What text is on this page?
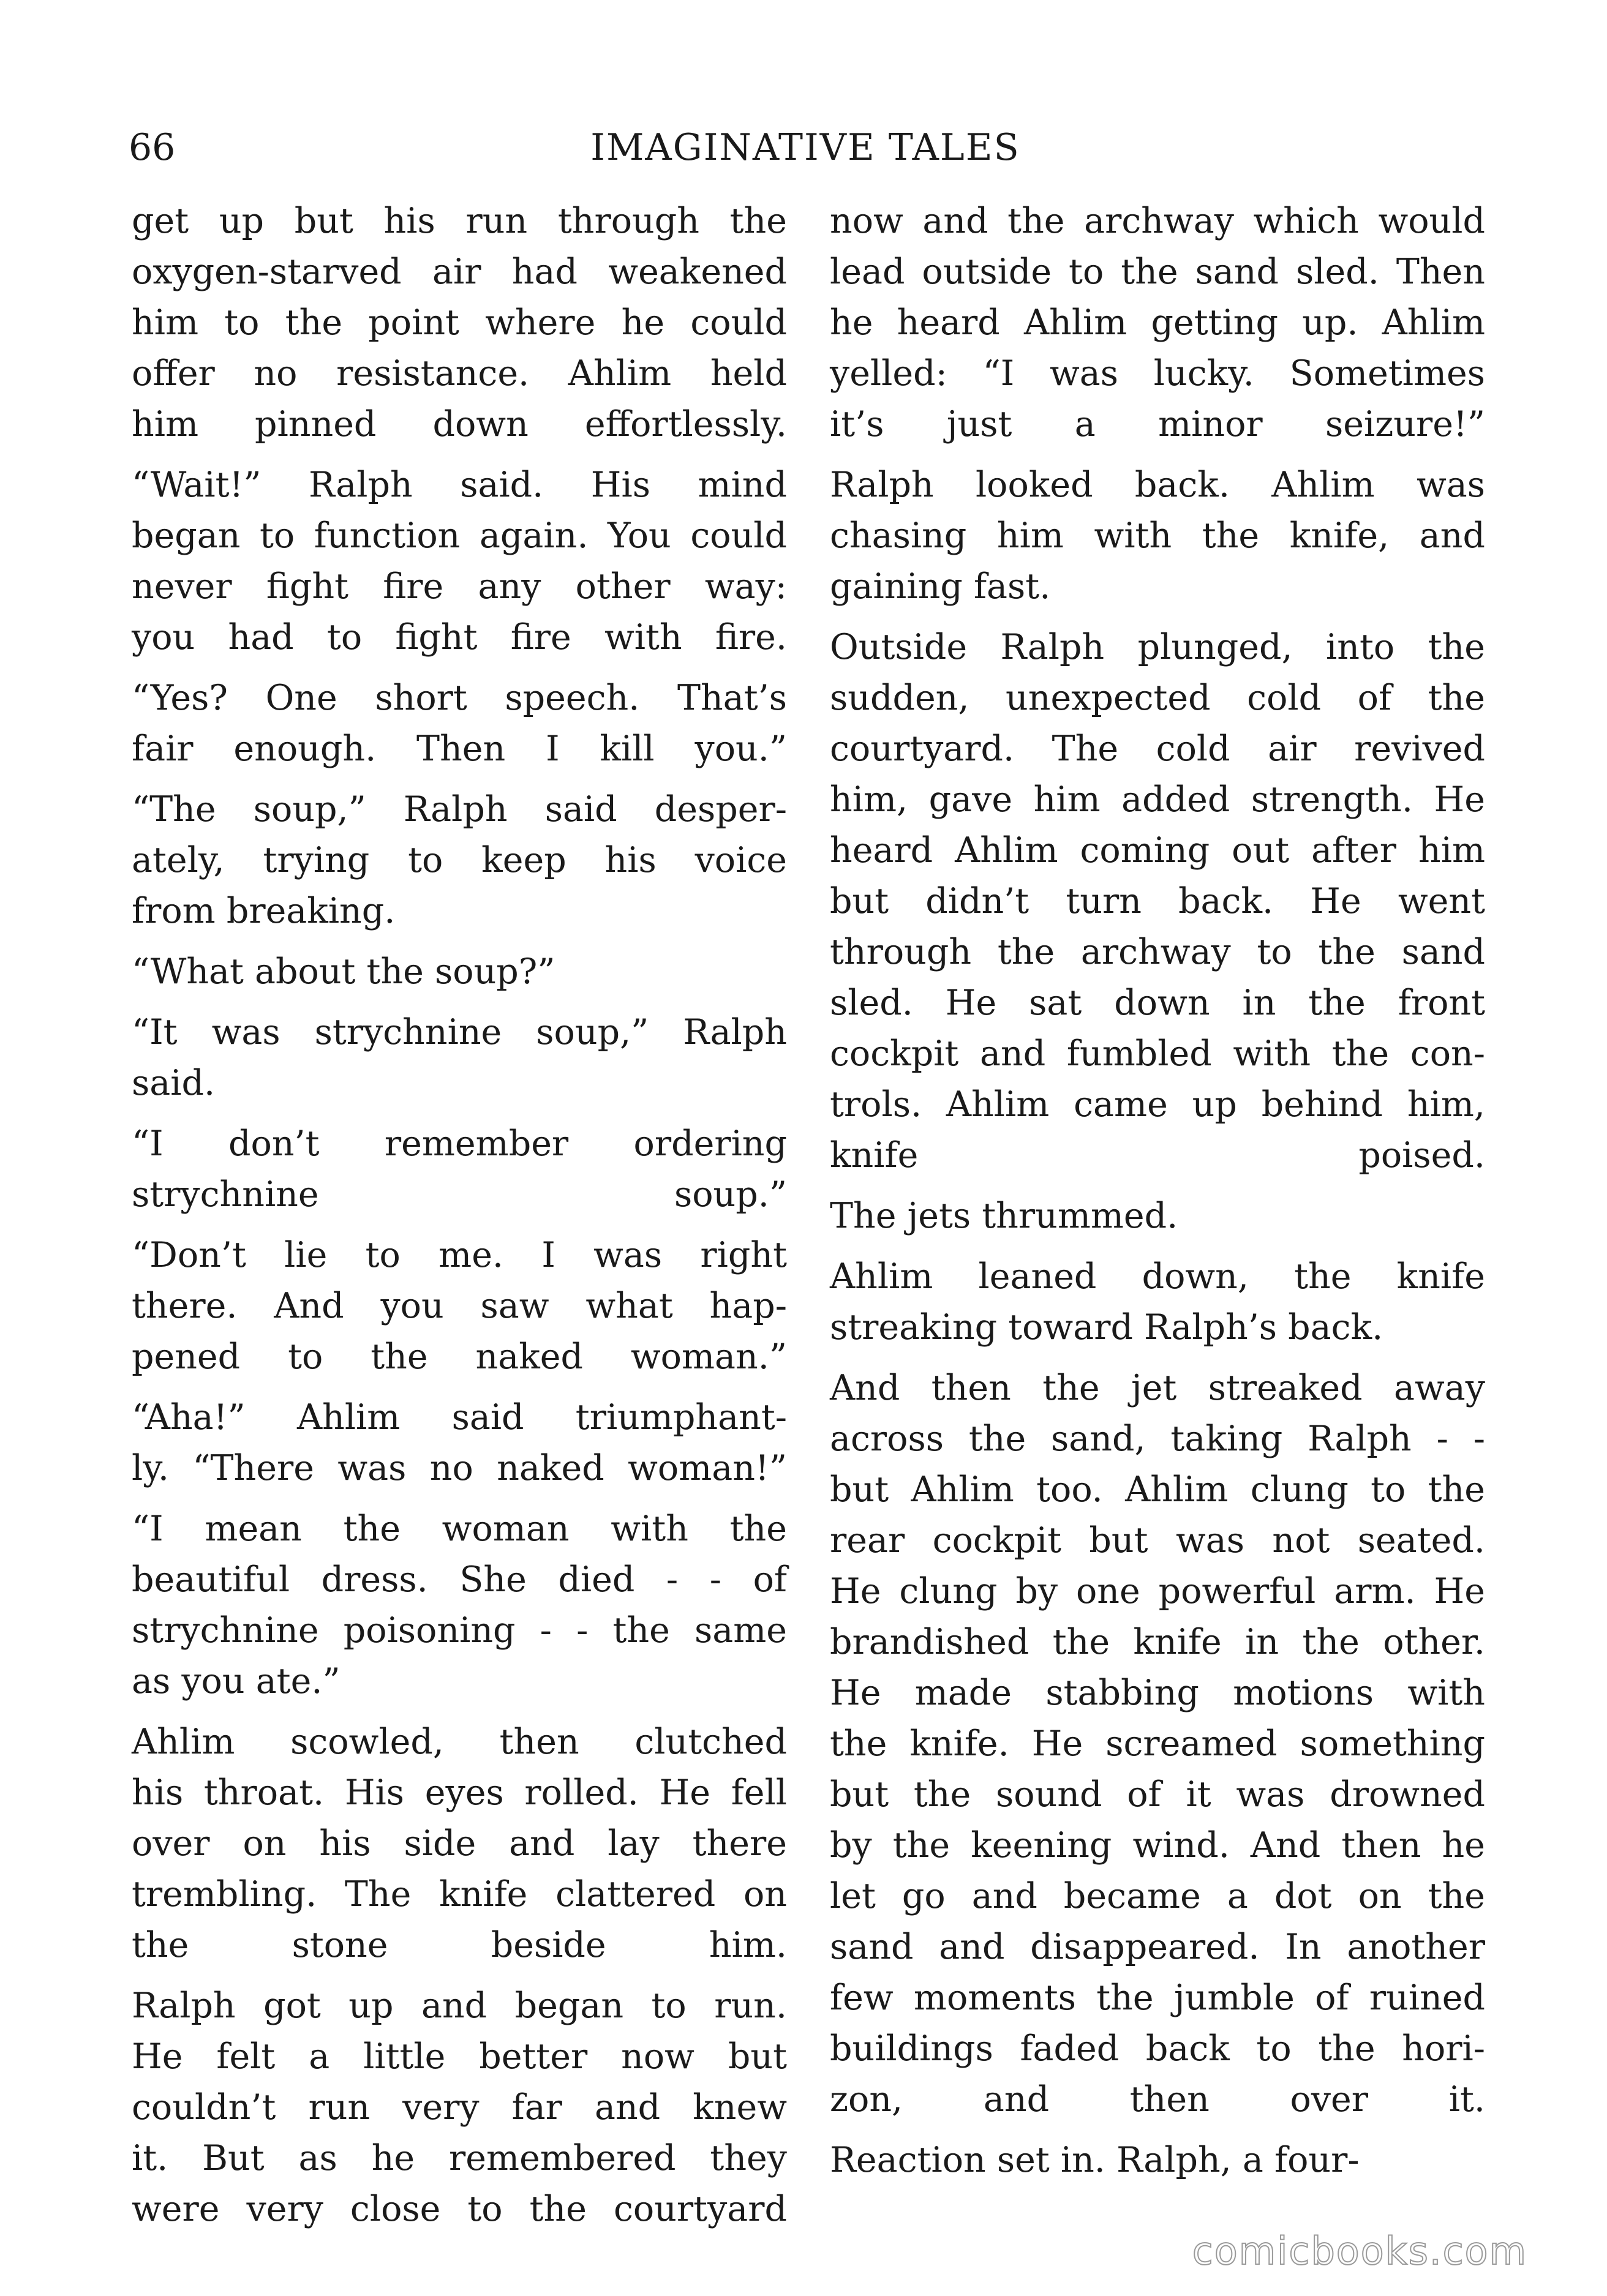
66	IMAGINATIVE TALES

get up but his run through the
oxygen-starved air had weakened
him to the point where he could
offer no resistance. Ahlim held
him pinned down effortlessly.

“Wait!” Ralph said. His mind
began to function again. You could
never fight fire any other way:
you had to fight fire with fire.

“Yes? One short speech. That’s
fair enough. Then I kill you.”

“The soup,” Ralph said desper-
ately, trying to keep his voice
from breaking.

“What about the soup?”

“It was strychnine soup,” Ralph
said.

“I don’t remember ordering
strychnine soup.”

“Don’t lie to me. I was right
there. And you saw what hap-
pened to the naked woman.”

“Aha!” Ahlim said triumphant-
ly. “There was no naked woman!”

“I mean the woman with the
beautiful dress. She died - - of
strychnine poisoning - - the same
as you ate.”

Ahlim scowled, then clutched
his throat. His eyes rolled. He fell
over on his side and lay there
trembling. The knife clattered on
the stone beside him.

Ralph got up and began to run.
He felt a little better now but
couldn’t run very far and knew
it. But as he remembered they
were very close to the courtyard

now and the archway which would
lead outside to the sand sled. Then
he heard Ahlim getting up. Ahlim
yelled: “I was lucky. Sometimes
it’s just a minor seizure!”

Ralph looked back. Ahlim was
chasing him with the knife, and
gaining fast.

Outside Ralph plunged, into the
sudden, unexpected cold of the
courtyard. The cold air revived
him, gave him added strength. He
heard Ahlim coming out after him
but didn’t turn back. He went
through the archway to the sand
sled. He sat down in the front
cockpit and fumbled with the con-
trols. Ahlim came up behind him,
knife poised.

The jets thrummed.

Ahlim leaned down, the knife
streaking toward Ralph’s back.

And then the jet streaked away
across the sand, taking Ralph - -
but Ahlim too. Ahlim clung to the
rear cockpit but was not seated.
He clung by one powerful arm. He
brandished the knife in the other.
He made stabbing motions with
the knife. He screamed something
but the sound of it was drowned
by the keening wind. And then he
let go and became a dot on the
sand and disappeared. In another
few moments the jumble of ruined
buildings faded back to the hori-
zon, and then over it.

Reaction set in. Ralph, a four-

comicbooks.com
